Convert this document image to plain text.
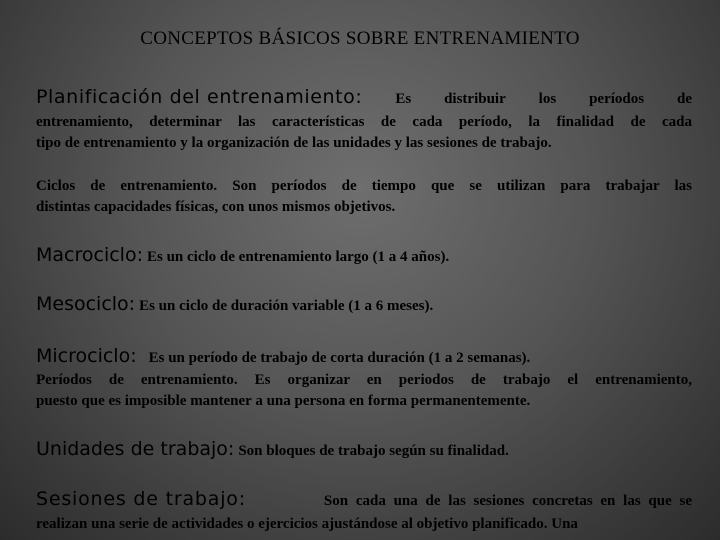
CONCEPTOS BÁSICOS SOBRE ENTRENAMIENTO
Planificación del entrenamiento: Es distribuir los períodos de
entrenamiento, determinar las características de cada período, la finalidad de cada
tipo de entrenamiento y la organización de las unidades y las sesiones de trabajo.
Ciclos de entrenamiento. Son períodos de tiempo que se utilizan para trabajar las
distintas capacidades físicas, con unos mismos objetivos.
Macrociclo: Es un ciclo de entrenamiento largo (1 a 4 años).
Mesociclo: Es un ciclo de duración variable (1 a 6 meses).
Microciclo: Es un período de trabajo de corta duración (1 a 2 semanas).
Períodos de entrenamiento. Es organizar en periodos de trabajo el entrenamiento,
puesto que es imposible mantener a una persona en forma permanentemente.
Unidades de trabajo: Son bloques de trabajo según su finalidad.
Sesiones de trabajo:	Son cada una de las sesiones concretas en las que se
realizan una serie de actividades o ejercicios ajustándose al objetivo planificado. Una
